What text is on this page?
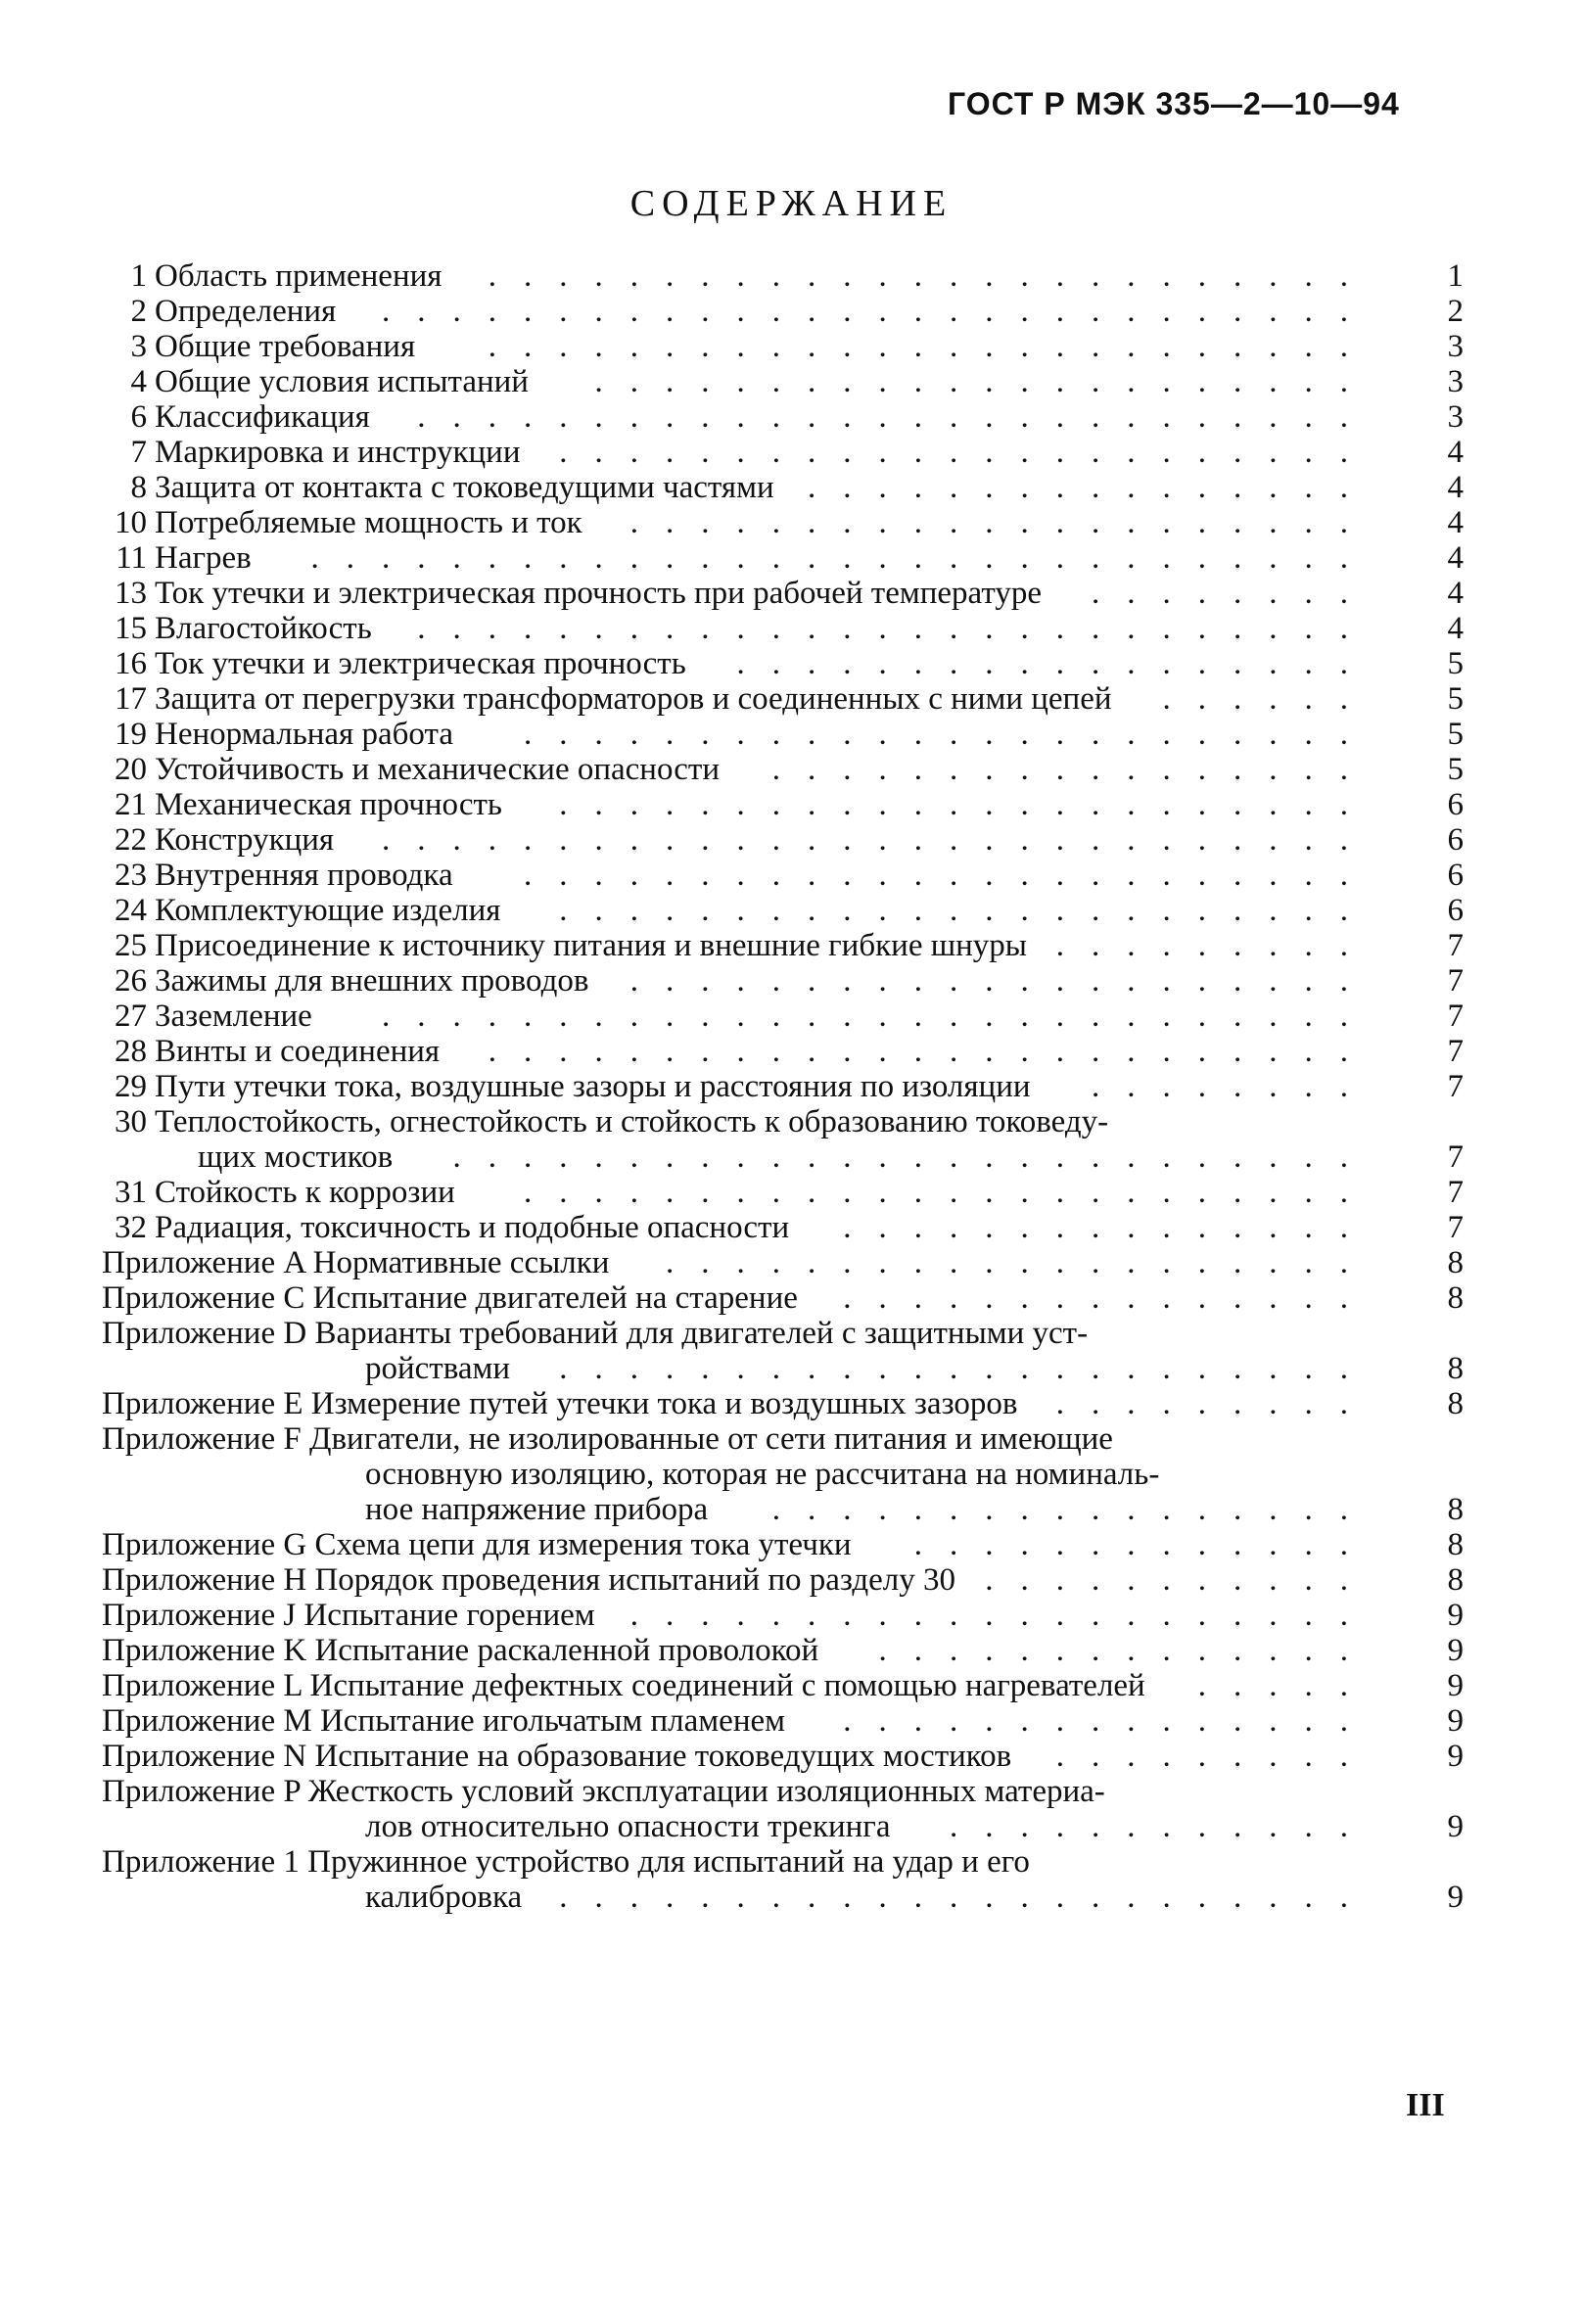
ГОСТ Р МЭК 335—2—10—94
СОДЕРЖАНИЕ
1 Область применения	1
.........................
2 Определения	2
............................
3 Общие требования	3
.........................
4 Общие условия испытаний	3
......................
6 Классификация	3
...........................
7 Маркировка и инструкции	4
.......................
8 Защита от контакта с токоведущими частями	4
................
10 Потребляемые мощность и ток	4
.....................
11 Нагрев	4
..............................
13 Ток утечки и электрическая прочность при рабочей температуре	4
........
15 Влагостойкость	4
...........................
16 Ток утечки и электрическая прочность	5
..................
17 Защита от перегрузки трансформаторов и соединенных с ними цепей	5
......
19 Ненормальная работа	5
........................
20 Устойчивость и механические опасности	5
.................
21 Механическая прочность	6
.......................
22 Конструкция	6
............................
23 Внутренняя проводка	6
........................
24 Комплектующие изделия	6
.......................
25 Присоединение к источнику питания и внешние гибкие шнуры	7
.........
26 Зажимы для внешних проводов	7
.....................
27 Заземление	7
............................
28 Винты и соединения	7
.........................
29 Пути утечки тока, воздушные зазоры и расстояния по изоляции	7
........
30 Теплостойкость, огнестойкость и стойкость к образованию токоведу-
щих мостиков	7
..........................
31 Стойкость к коррозии	7
........................
32 Радиация, токсичность и подобные опасности	7
...............
Приложение A Нормативные ссылки	8
....................
Приложение C Испытание двигателей на старение	8
...............
Приложение D Варианты требований для двигателей с защитными уст-
ройствами	8
.......................
Приложение E Измерение путей утечки тока и воздушных зазоров	8
.........
Приложение F Двигатели, не изолированные от сети питания и имеющие
основную изоляцию, которая не рассчитана на номиналь-
ное напряжение прибора	8
.................
Приложение G Схема цепи для измерения тока утечки	8
.............
Приложение H Порядок проведения испытаний по разделу 30	8
...........
Приложение J Испытание горением	9
.....................
Приложение K Испытание раскаленной проволокой	9
..............
Приложение L Испытание дефектных соединений с помощью нагревателей	9
.....
Приложение M Испытание игольчатым пламенем	9
...............
Приложение N Испытание на образование токоведущих мостиков	9
.........
Приложение P Жесткость условий эксплуатации изоляционных материа-
лов относительно опасности трекинга	9
............
Приложение 1 Пружинное устройство для испытаний на удар и его
калибровка	9
.......................
III
